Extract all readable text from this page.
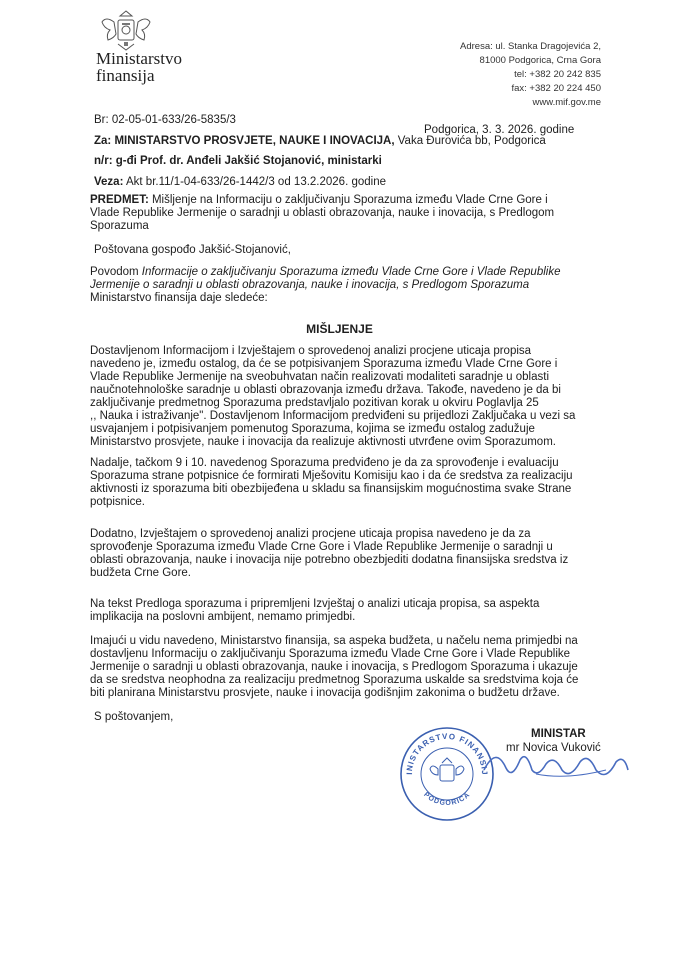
Ministarstvo
finansija
Adresa: ul. Stanka Dragojevića 2,
81000 Podgorica, Crna Gora
tel: +382 20 242 835
fax: +382 20 224 450
www.mif.gov.me
Br: 02-05-01-633/26-5835/3
Podgorica, 3. 3. 2026. godine
Za: MINISTARSTVO PROSVJETE, NAUKE I INOVACIJA, Vaka Đurovića bb, Podgorica
n/r: g-đi Prof. dr. Anđeli Jakšić Stojanović, ministarki
Veza: Akt br.11/1-04-633/26-1442/3 od 13.2.2026. godine
PREDMET: Mišljenje na Informaciju o zaključivanju Sporazuma između Vlade Crne Gore i
Vlade Republike Jermenije o saradnji u oblasti obrazovanja, nauke i inovacija, s Predlogom
Sporazuma
Poštovana gospođo Jakšić-Stojanović,
Povodom Informacije o zaključivanju Sporazuma između Vlade Crne Gore i Vlade Republike
Jermenije o saradnji u oblasti obrazovanja, nauke i inovacija, s Predlogom Sporazuma
Ministarstvo finansija daje sledeće:
MIŠLJENJE
Dostavljenom Informacijom i Izvještajem o sprovedenoj analizi procjene uticaja propisa
navedeno je, između ostalog, da će se potpisivanjem Sporazuma između Vlade Crne Gore i
Vlade Republike Jermenije na sveobuhvatan način realizovati modaliteti saradnje u oblasti
naučnotehnološke saradnje u oblasti obrazovanja između država. Takođe, navedeno je da bi
zaključivanje predmetnog Sporazuma predstavljalo pozitivan korak u okviru Poglavlja 25
,, Nauka i istraživanje". Dostavljenom Informacijom predviđeni su prijedlozi Zaključaka u vezi sa
usvajanjem i potpisivanjem pomenutog Sporazuma, kojima se između ostalog zadužuje
Ministarstvo prosvjete, nauke i inovacija da realizuje aktivnosti utvrđene ovim Sporazumom.
Nadalje, tačkom 9 i 10. navedenog Sporazuma predviđeno je da za sprovođenje i evaluaciju
Sporazuma strane potpisnice će formirati Mješovitu Komisiju kao i da će sredstva za realizaciju
aktivnosti iz sporazuma biti obezbijeđena u skladu sa finansijskim mogućnostima svake Strane
potpisnice.
Dodatno, Izvještajem o sprovedenoj analizi procjene uticaja propisa navedeno je da za
sprovođenje Sporazuma između Vlade Crne Gore i Vlade Republike Jermenije o saradnji u
oblasti obrazovanja, nauke i inovacija nije potrebno obezbjediti dodatna finansijska sredstva iz
budžeta Crne Gore.
Na tekst Predloga sporazuma i pripremljeni Izvještaj o analizi uticaja propisa, sa aspekta
implikacija na poslovni ambijent, nemamo primjedbi.
Imajući u vidu navedeno, Ministarstvo finansija, sa aspeka budžeta, u načelu nema primjedbi na
dostavljenu Informaciju o zaključivanju Sporazuma između Vlade Crne Gore i Vlade Republike
Jermenije o saradnji u oblasti obrazovanja, nauke i inovacija, s Predlogom Sporazuma i ukazuje
da se sredstva neophodna za realizaciju predmetnog Sporazuma uskalde sa sredstvima koja će
biti planirana Ministarstvu prosvjete, nauke i inovacija godišnjim zakonima o budžetu države.
S poštovanjem,
MINISTAR
mr Novica Vuković
INISTARSTVO FINANSIJ
PODGORICA
